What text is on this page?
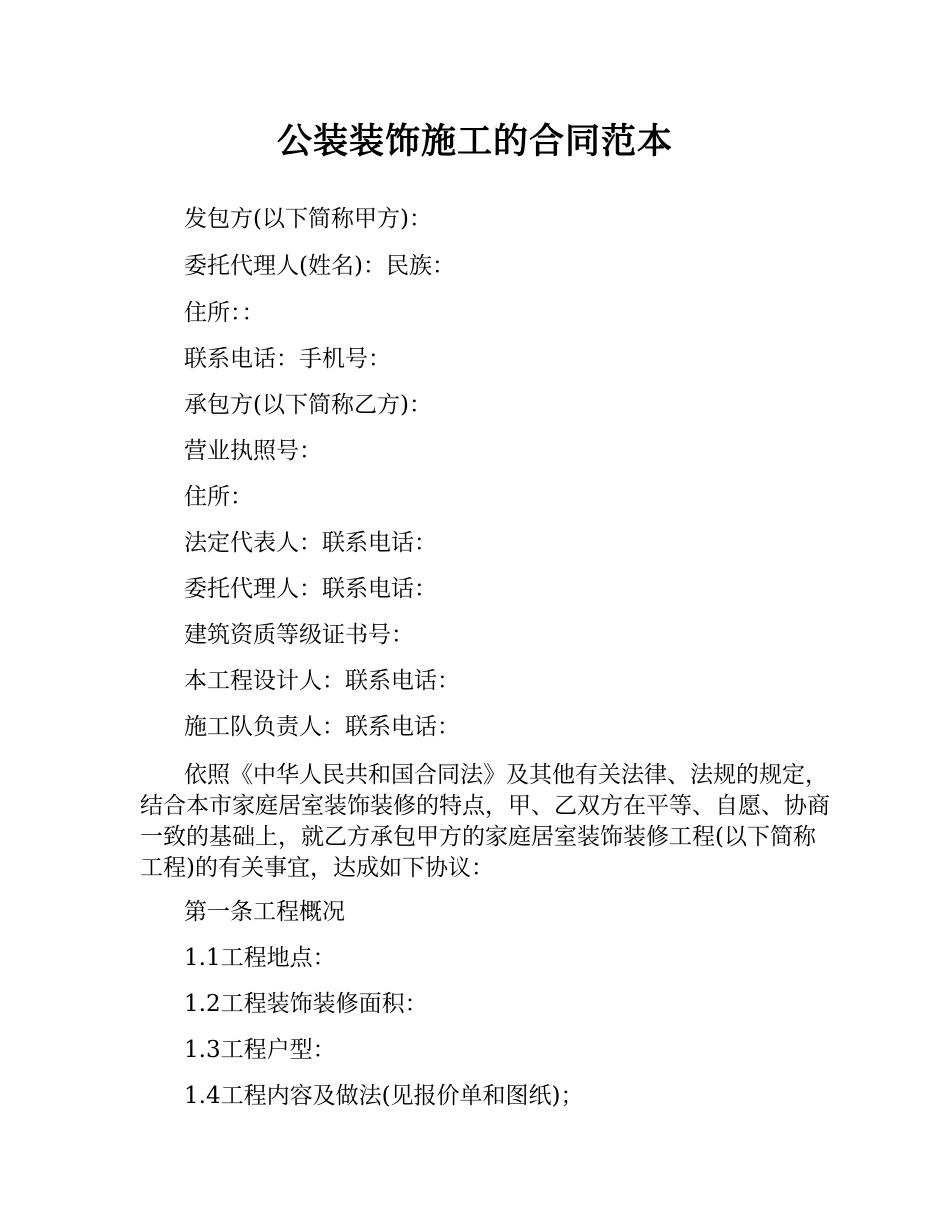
公装装饰施工的合同范本
发包方(以下简称甲方)：
委托代理人(姓名)：民族：
住所：：
联系电话：手机号：
承包方(以下简称乙方)：
营业执照号：
住所：
法定代表人：联系电话：
委托代理人：联系电话：
建筑资质等级证书号：
本工程设计人：联系电话：
施工队负责人：联系电话：
依照《中华人民共和国合同法》及其他有关法律、法规的规定，结合本市家庭居室装饰装修的特点，甲、乙双方在平等、自愿、协商一致的基础上，就乙方承包甲方的家庭居室装饰装修工程(以下简称工程)的有关事宜，达成如下协议：
第一条工程概况
1.1工程地点：
1.2工程装饰装修面积：
1.3工程户型：
1.4工程内容及做法(见报价单和图纸)；
